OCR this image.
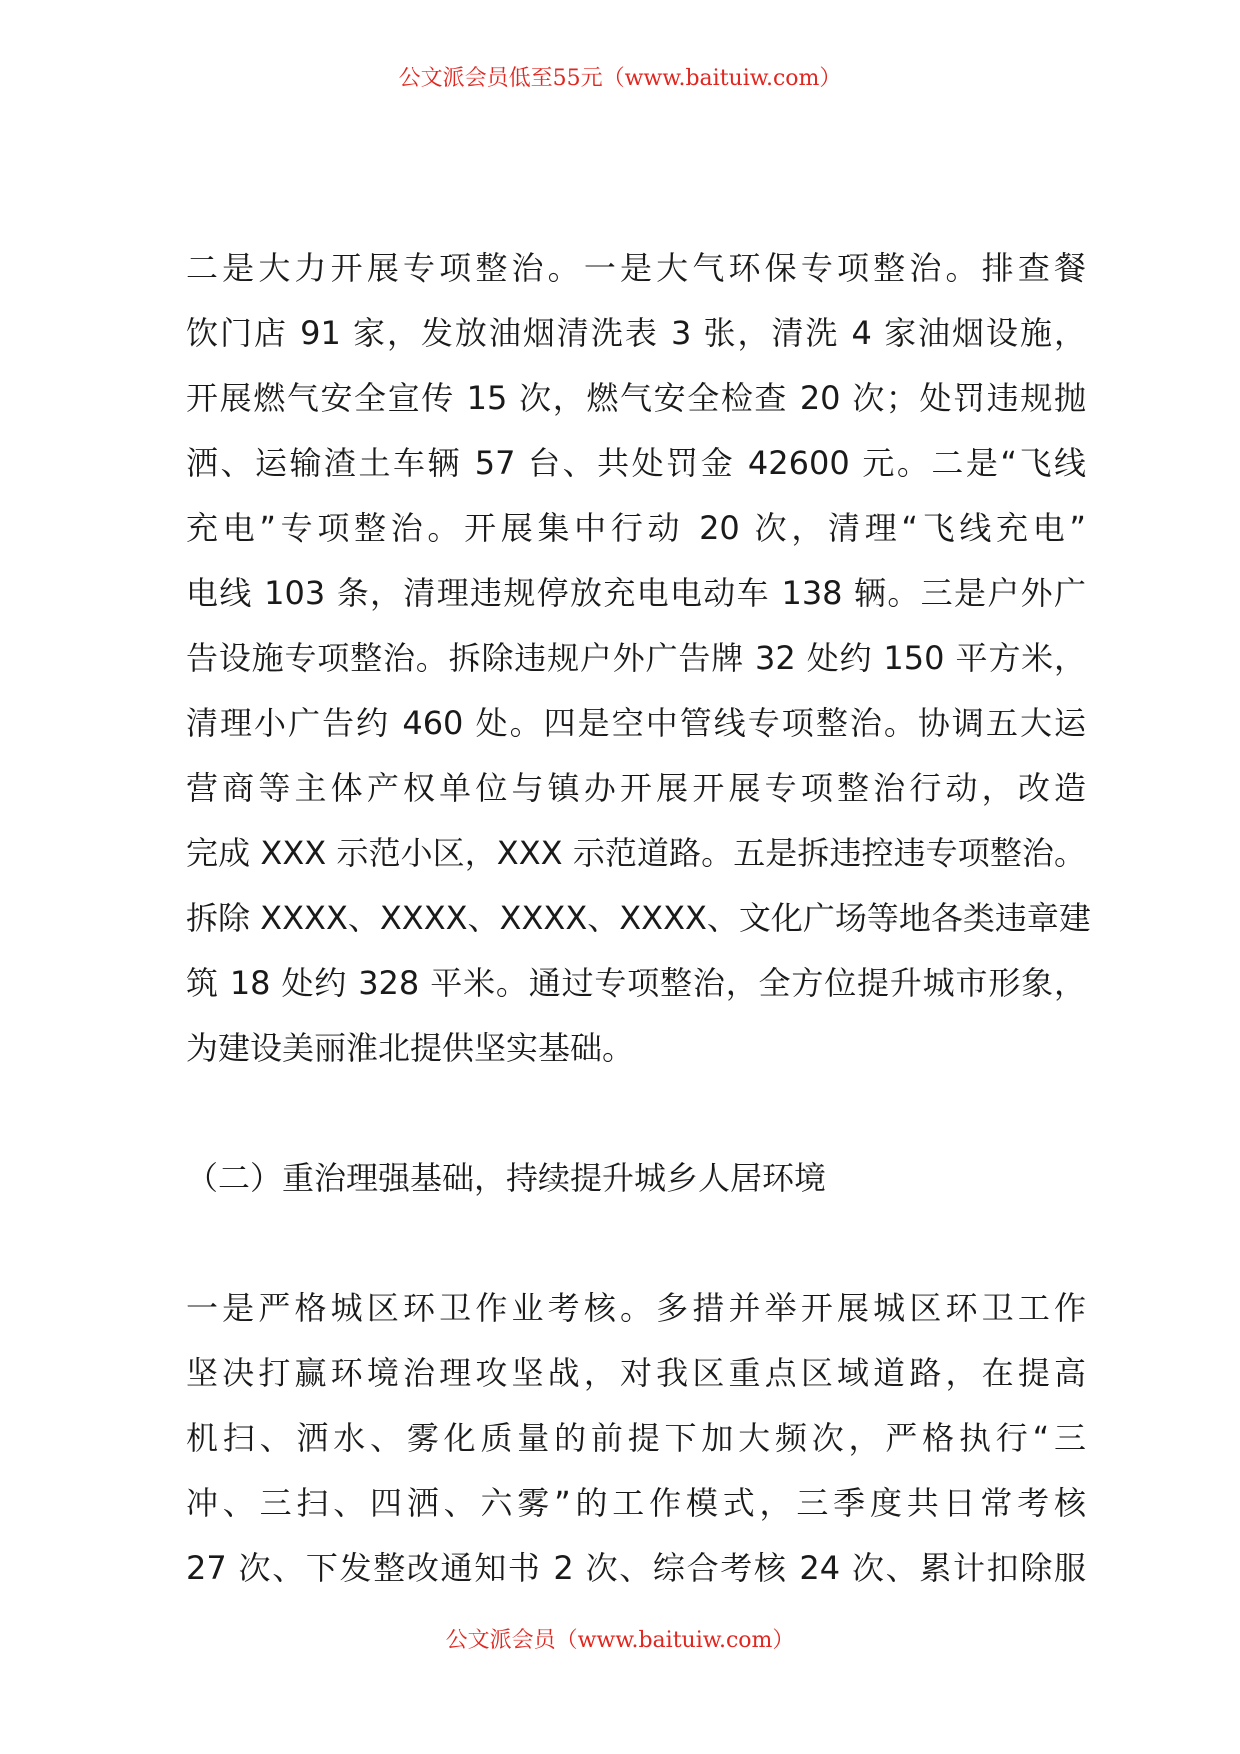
公文派会员低至55元（www.baituiw.com）
二是大力开展专项整治。一是大气环保专项整治。排查餐
饮门店 91 家，发放油烟清洗表 3 张，清洗 4 家油烟设施，
开展燃气安全宣传 15 次，燃气安全检查 20 次；处罚违规抛
洒、运输渣土车辆 57 台、共处罚金 42600 元。二是“飞线
充电”专项整治。开展集中行动 20 次，清理“飞线充电”
电线 103 条，清理违规停放充电电动车 138 辆。三是户外广
告设施专项整治。拆除违规户外广告牌 32 处约 150 平方米，
清理小广告约 460 处。四是空中管线专项整治。协调五大运
营商等主体产权单位与镇办开展开展专项整治行动，改造
完成 XXX 示范小区，XXX 示范道路。五是拆违控违专项整治。
拆除 XXXX、XXXX、XXXX、XXXX、文化广场等地各类违章建
筑 18 处约 328 平米。通过专项整治，全方位提升城市形象，
为建设美丽淮北提供坚实基础。

（二）重治理强基础，持续提升城乡人居环境

一是严格城区环卫作业考核。多措并举开展城区环卫工作
坚决打赢环境治理攻坚战，对我区重点区域道路，在提高
机扫、洒水、雾化质量的前提下加大频次，严格执行“三
冲、三扫、四洒、六雾”的工作模式，三季度共日常考核
27 次、下发整改通知书 2 次、综合考核 24 次、累计扣除服
公文派会员（www.baituiw.com）
